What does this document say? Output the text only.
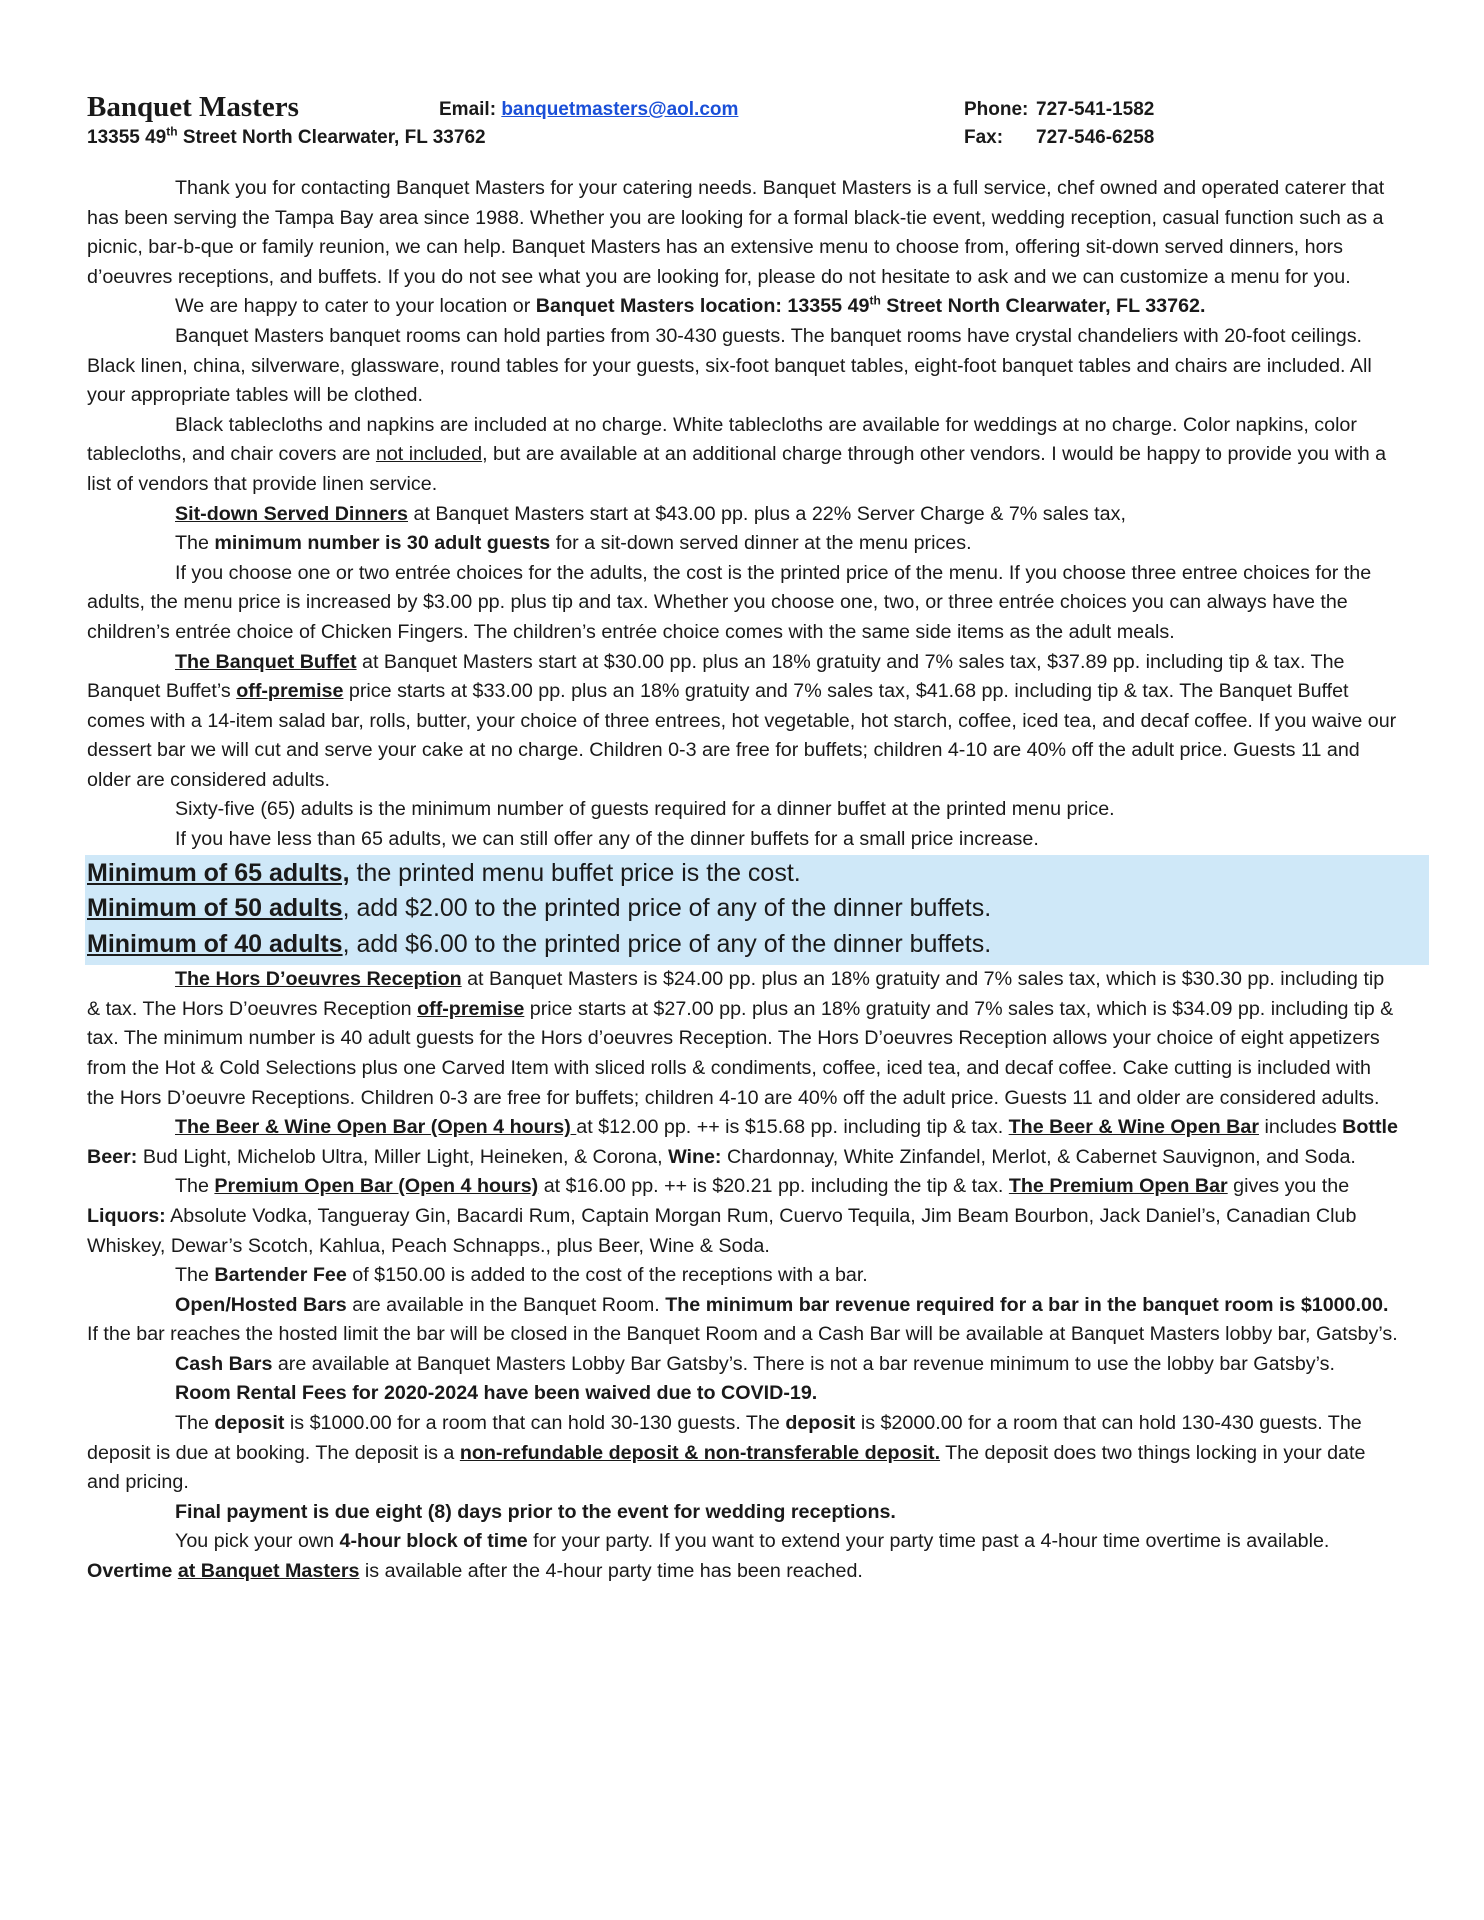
Banquet Masters	Email: banquetmasters@aol.com	Phone: 727-541-1582
13355 49th Street North Clearwater, FL 33762	Fax: 727-546-6258

Thank you for contacting Banquet Masters for your catering needs. Banquet Masters is a full service, chef owned and operated caterer that has been serving the Tampa Bay area since 1988. Whether you are looking for a formal black-tie event, wedding reception, casual function such as a picnic, bar-b-que or family reunion, we can help. Banquet Masters has an extensive menu to choose from, offering sit-down served dinners, hors d’oeuvres receptions, and buffets. If you do not see what you are looking for, please do not hesitate to ask and we can customize a menu for you.

We are happy to cater to your location or Banquet Masters location: 13355 49th Street North Clearwater, FL 33762.

Banquet Masters banquet rooms can hold parties from 30-430 guests. The banquet rooms have crystal chandeliers with 20-foot ceilings. Black linen, china, silverware, glassware, round tables for your guests, six-foot banquet tables, eight-foot banquet tables and chairs are included. All your appropriate tables will be clothed.

Black tablecloths and napkins are included at no charge. White tablecloths are available for weddings at no charge. Color napkins, color tablecloths, and chair covers are not included, but are available at an additional charge through other vendors. I would be happy to provide you with a list of vendors that provide linen service.

Sit-down Served Dinners at Banquet Masters start at $43.00 pp. plus a 22% Server Charge & 7% sales tax,

The minimum number is 30 adult guests for a sit-down served dinner at the menu prices.

If you choose one or two entrée choices for the adults, the cost is the printed price of the menu. If you choose three entree choices for the adults, the menu price is increased by $3.00 pp. plus tip and tax. Whether you choose one, two, or three entrée choices you can always have the children’s entrée choice of Chicken Fingers. The children’s entrée choice comes with the same side items as the adult meals.

The Banquet Buffet at Banquet Masters start at $30.00 pp. plus an 18% gratuity and 7% sales tax, $37.89 pp. including tip & tax. The Banquet Buffet’s off-premise price starts at $33.00 pp. plus an 18% gratuity and 7% sales tax, $41.68 pp. including tip & tax. The Banquet Buffet comes with a 14-item salad bar, rolls, butter, your choice of three entrees, hot vegetable, hot starch, coffee, iced tea, and decaf coffee. If you waive our dessert bar we will cut and serve your cake at no charge. Children 0-3 are free for buffets; children 4-10 are 40% off the adult price. Guests 11 and older are considered adults.

Sixty-five (65) adults is the minimum number of guests required for a dinner buffet at the printed menu price.

If you have less than 65 adults, we can still offer any of the dinner buffets for a small price increase.

Minimum of 65 adults, the printed menu buffet price is the cost.
Minimum of 50 adults, add $2.00 to the printed price of any of the dinner buffets.
Minimum of 40 adults, add $6.00 to the printed price of any of the dinner buffets.

The Hors D’oeuvres Reception at Banquet Masters is $24.00 pp. plus an 18% gratuity and 7% sales tax, which is $30.30 pp. including tip & tax. The Hors D’oeuvres Reception off-premise price starts at $27.00 pp. plus an 18% gratuity and 7% sales tax, which is $34.09 pp. including tip & tax. The minimum number is 40 adult guests for the Hors d’oeuvres Reception. The Hors D’oeuvres Reception allows your choice of eight appetizers from the Hot & Cold Selections plus one Carved Item with sliced rolls & condiments, coffee, iced tea, and decaf coffee. Cake cutting is included with the Hors D’oeuvre Receptions. Children 0-3 are free for buffets; children 4-10 are 40% off the adult price. Guests 11 and older are considered adults.

The Beer & Wine Open Bar (Open 4 hours) at $12.00 pp. ++ is $15.68 pp. including tip & tax. The Beer & Wine Open Bar includes Bottle Beer: Bud Light, Michelob Ultra, Miller Light, Heineken, & Corona, Wine: Chardonnay, White Zinfandel, Merlot, & Cabernet Sauvignon, and Soda.

The Premium Open Bar (Open 4 hours) at $16.00 pp. ++ is $20.21 pp. including the tip & tax. The Premium Open Bar gives you the Liquors: Absolute Vodka, Tangueray Gin, Bacardi Rum, Captain Morgan Rum, Cuervo Tequila, Jim Beam Bourbon, Jack Daniel’s, Canadian Club Whiskey, Dewar’s Scotch, Kahlua, Peach Schnapps., plus Beer, Wine & Soda.

The Bartender Fee of $150.00 is added to the cost of the receptions with a bar.

Open/Hosted Bars are available in the Banquet Room. The minimum bar revenue required for a bar in the banquet room is $1000.00. If the bar reaches the hosted limit the bar will be closed in the Banquet Room and a Cash Bar will be available at Banquet Masters lobby bar, Gatsby’s.

Cash Bars are available at Banquet Masters Lobby Bar Gatsby’s. There is not a bar revenue minimum to use the lobby bar Gatsby’s.

Room Rental Fees for 2020-2024 have been waived due to COVID-19.

The deposit is $1000.00 for a room that can hold 30-130 guests. The deposit is $2000.00 for a room that can hold 130-430 guests. The deposit is due at booking. The deposit is a non-refundable deposit & non-transferable deposit. The deposit does two things locking in your date and pricing.

Final payment is due eight (8) days prior to the event for wedding receptions.

You pick your own 4-hour block of time for your party. If you want to extend your party time past a 4-hour time overtime is available. Overtime at Banquet Masters is available after the 4-hour party time has been reached.
